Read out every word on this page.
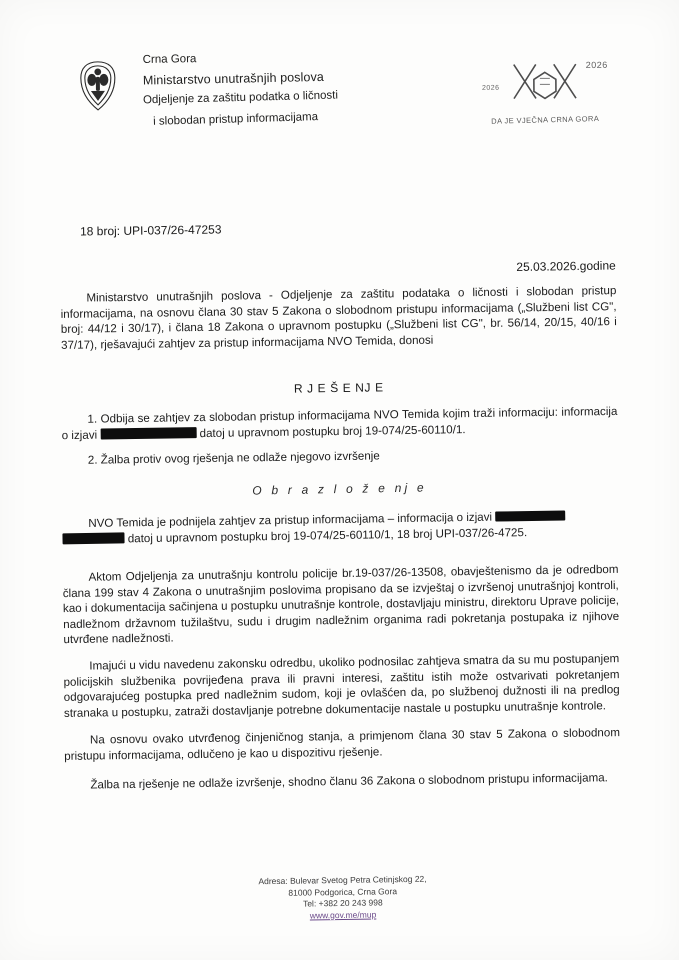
Crna Gora
Ministarstvo unutrašnjih poslova
Odjeljenje za zaštitu podatka o ličnosti
i slobodan pristup informacijama
2026
2026
DA JE VJEČNA CRNA GORA
18 broj: UPI-037/26-47253
25.03.2026.godine
Ministarstvo unutrašnjih poslova - Odjeljenje za zaštitu podataka o ličnosti i slobodan pristup informacijama, na osnovu člana 30 stav 5 Zakona o slobodnom pristupu informacijama („Službeni list CG", broj: 44/12 i 30/17), i člana 18 Zakona o upravnom postupku („Službeni list CG", br. 56/14, 20/15, 40/16 i 37/17), rješavajući zahtjev za pristup informacijama NVO Temida, donosi
R J E Š E NJ E
1. Odbija se zahtjev za slobodan pristup informacijama NVO Temida kojim traži informaciju: informacija o izjavi	datoj u upravnom postupku broj 19-074/25-60110/1.
2. Žalba protiv ovog rješenja ne odlaže njegovo izvršenje
O b r a z l o ž e nj e
NVO Temida je podnijela zahtjev za pristup informacijama – informacija o izjavi
datoj u upravnom postupku broj 19-074/25-60110/1, 18 broj UPI-037/26-4725.
Aktom Odjeljenja za unutrašnju kontrolu policije br.19-037/26-13508, obavještenismo da je odredbom člana 199 stav 4 Zakona o unutrašnjim poslovima propisano da se izvještaj o izvršenoj unutrašnjoj kontroli, kao i dokumentacija sačinjena u postupku unutrašnje kontrole, dostavljaju ministru, direktoru Uprave policije, nadležnom državnom tužilaštvu, sudu i drugim nadležnim organima radi pokretanja postupaka iz njihove utvrđene nadležnosti.
Imajući u vidu navedenu zakonsku odredbu, ukoliko podnosilac zahtjeva smatra da su mu postupanjem policijskih službenika povrijeđena prava ili pravni interesi, zaštitu istih može ostvarivati pokretanjem odgovarajućeg postupka pred nadležnim sudom, koji je ovlašćen da, po službenoj dužnosti ili na predlog stranaka u postupku, zatraži dostavljanje potrebne dokumentacije nastale u postupku unutrašnje kontrole.
Na osnovu ovako utvrđenog činjeničnog stanja, a primjenom člana 30 stav 5 Zakona o slobodnom pristupu informacijama, odlučeno je kao u dispozitivu rješenje.
Žalba na rješenje ne odlaže izvršenje, shodno članu 36 Zakona o slobodnom pristupu informacijama.
Adresa: Bulevar Svetog Petra Cetinjskog 22,
81000 Podgorica, Crna Gora
Tel: +382 20 243 998
www.gov.me/mup
